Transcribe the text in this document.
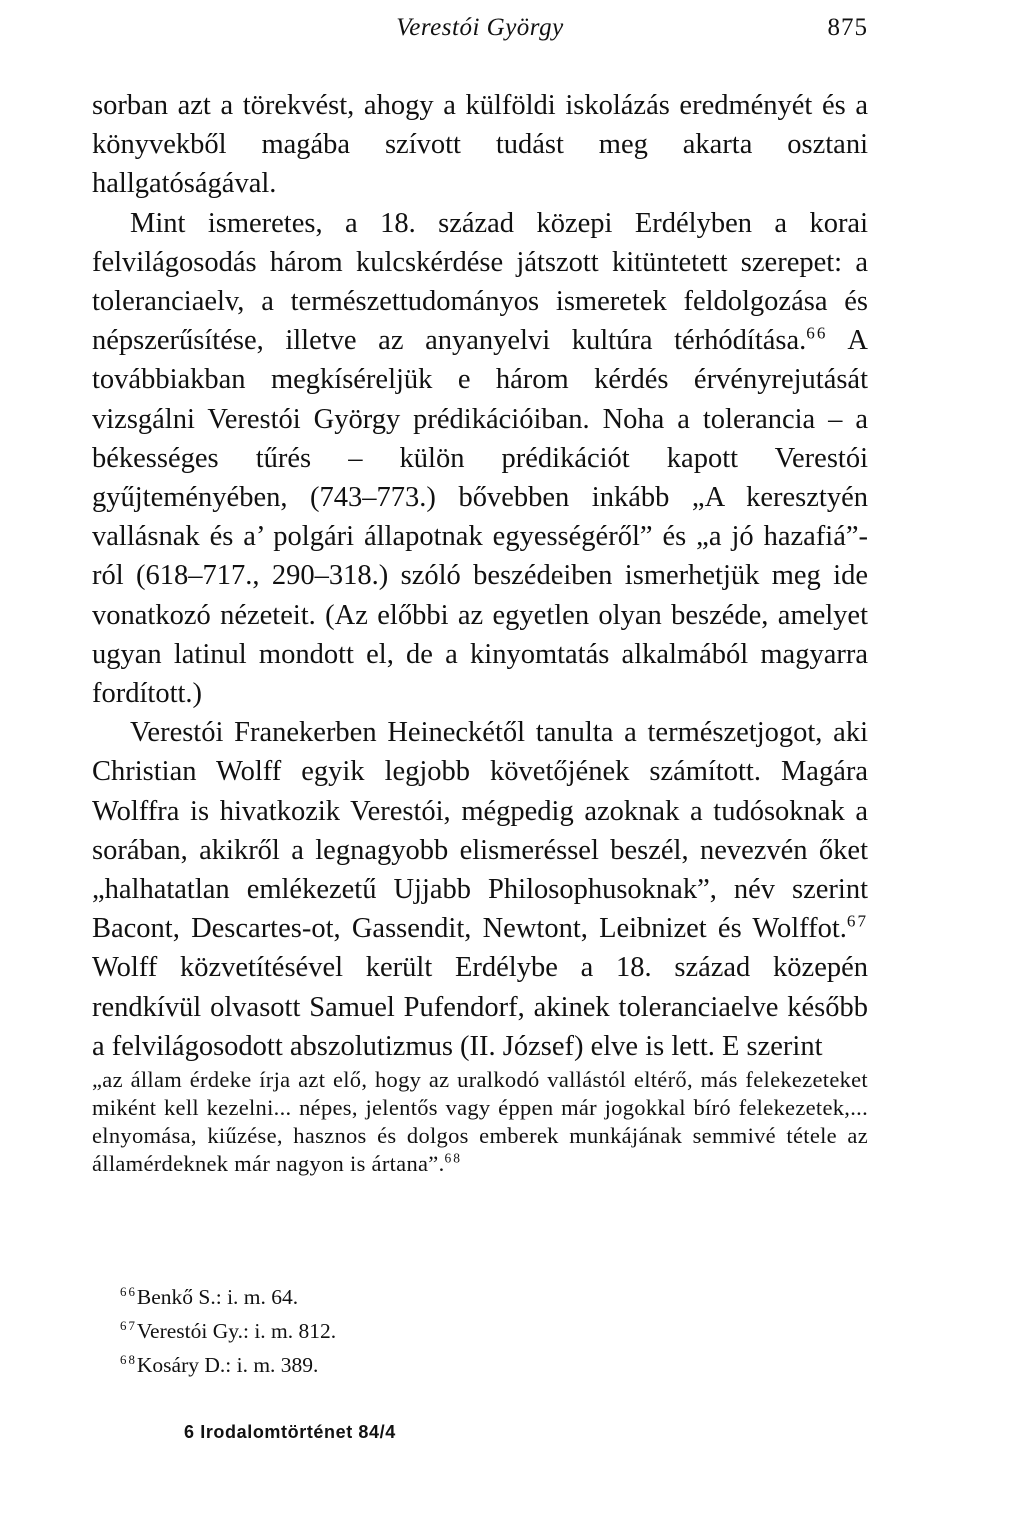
Verestói György	875

sorban azt a törekvést, ahogy a külföldi iskolázás eredményét és a könyvekből magába szívott tudást meg akarta osztani hallgatóságával.

Mint ismeretes, a 18. század közepi Erdélyben a korai felvilágosodás három kulcskérdése játszott kitüntetett szerepet: a toleranciaelv, a természettudományos ismeretek feldolgozása és népszerűsítése, illetve az anyanyelvi kultúra térhódítása.$^{66}$ A továbbiakban megkíséreljük e három kérdés érvényrejutását vizsgálni Verestói György prédikációiban. Noha a tolerancia – a békességes tűrés – külön prédikációt kapott Verestói gyűjteményében, (743–773.) bővebben inkább „A keresztyén vallásnak és a’ polgári állapotnak egyességéről” és „a jó hazafiá”-ról (618–717., 290–318.) szóló beszédeiben ismerhetjük meg ide vonatkozó nézeteit. (Az előbbi az egyetlen olyan beszéde, amelyet ugyan latinul mondott el, de a kinyomtatás alkalmából magyarra fordított.)

Verestói Franekerben Heineckétől tanulta a természetjogot, aki Christian Wolff egyik legjobb követőjének számított. Magára Wolffra is hivatkozik Verestói, mégpedig azoknak a tudósoknak a sorában, akikről a legnagyobb elismeréssel beszél, nevezvén őket „halhatatlan emlékezetű Ujjabb Philosophusoknak”, név szerint Bacont, Descartes-ot, Gassendit, Newtont, Leibnizet és Wolffot.$^{67}$ Wolff közvetítésével került Erdélybe a 18. század közepén rendkívül olvasott Samuel Pufendorf, akinek toleranciaelve később a felvilágosodott abszolutizmus (II. József) elve is lett. E szerint

„az állam érdeke írja azt elő, hogy az uralkodó vallástól eltérő, más felekezeteket miként kell kezelni... népes, jelentős vagy éppen már jogokkal bíró felekezetek,... elnyomása, kiűzése, hasznos és dolgos emberek munkájának semmivé tétele az államérdeknek már nagyon is ártana”.$^{68}$
$^{66}$Benkő S.: i. m. 64.
$^{67}$Verestói Gy.: i. m. 812.
$^{68}$Kosáry D.: i. m. 389.
6 Irodalomtörténet 84/4
